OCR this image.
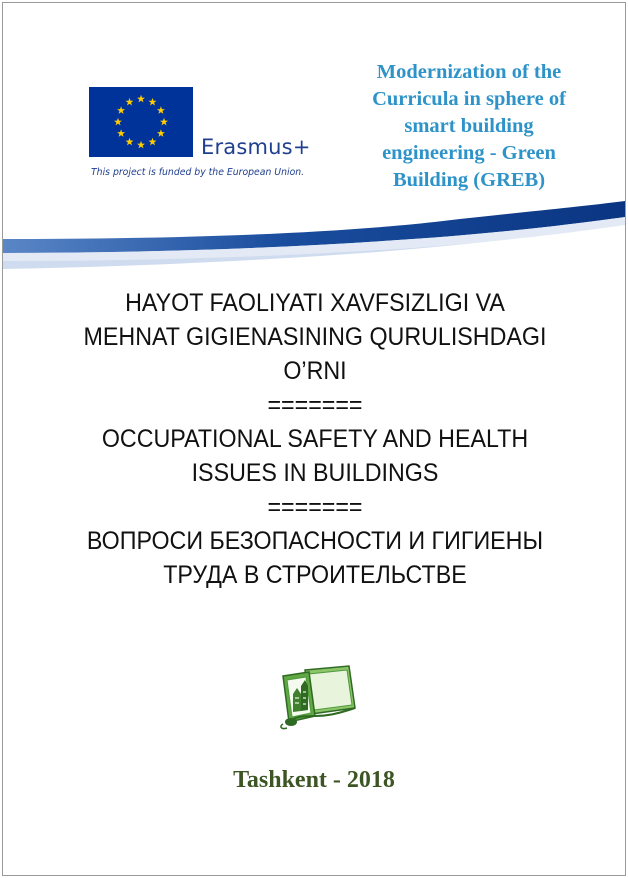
Erasmus+
This project is funded by the European Union.
Modernization of the
Curricula in sphere of
smart building
engineering - Green
Building (GREB)
HAYOT FAOLIYATI XAVFSIZLIGI VA
MEHNAT GIGIENASINING QURULISHDAGI
O’RNI
=======
OCCUPATIONAL SAFETY AND HEALTH
ISSUES IN BUILDINGS
=======
ВОПРОСИ БЕЗОПАСНОСТИ И ГИГИЕНЫ
ТРУДА В СТРОИТЕЛЬСТВЕ
Tashkent - 2018
